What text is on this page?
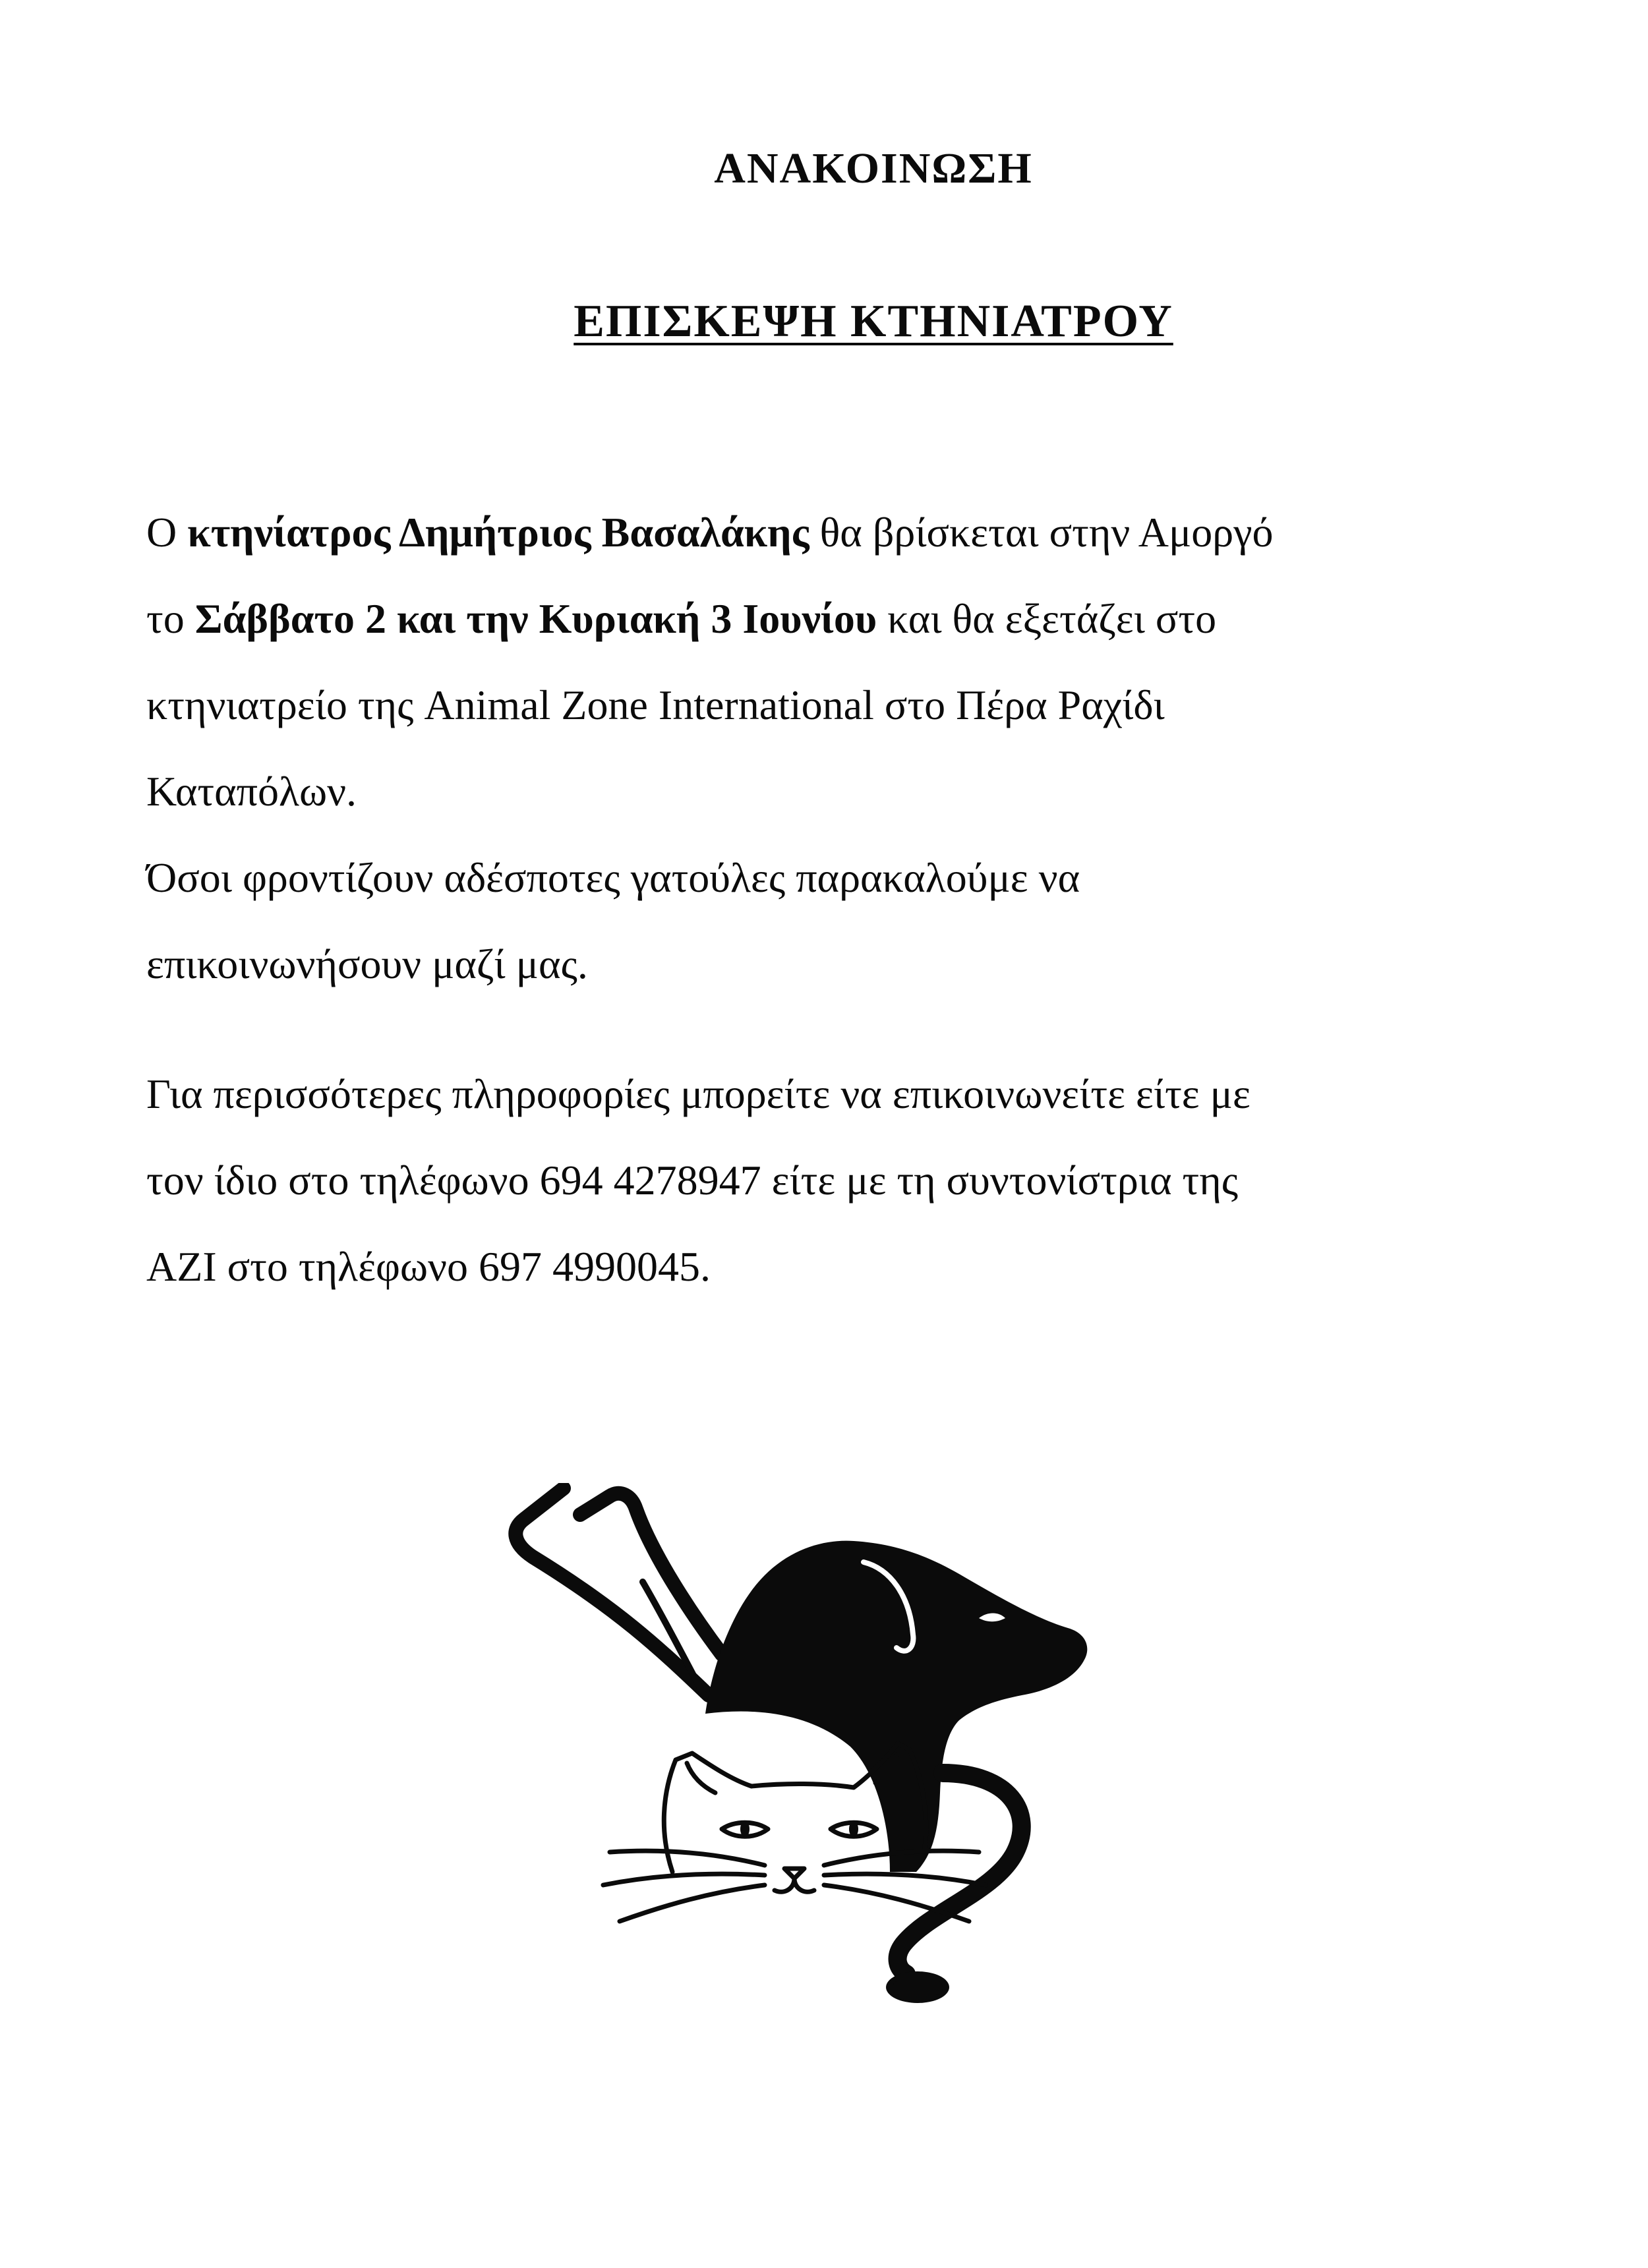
ΑΝΑΚΟΙΝΩΣΗ
ΕΠΙΣΚΕΨΗ ΚΤΗΝΙΑΤΡΟΥ

Ο κτηνίατρος Δημήτριος Βασαλάκης θα βρίσκεται στην Αμοργό
το Σάββατο 2 και την Κυριακή 3 Ιουνίου και θα εξετάζει στο
κτηνιατρείο της Animal Zone International στο Πέρα Ραχίδι
Καταπόλων.
Όσοι φροντίζουν αδέσποτες γατούλες παρακαλούμε να
επικοινωνήσουν μαζί μας.

Για περισσότερες πληροφορίες μπορείτε να επικοινωνείτε είτε με
τον ίδιο στο τηλέφωνο 694 4278947 είτε με τη συντονίστρια της
AZI στο τηλέφωνο 697 4990045.
